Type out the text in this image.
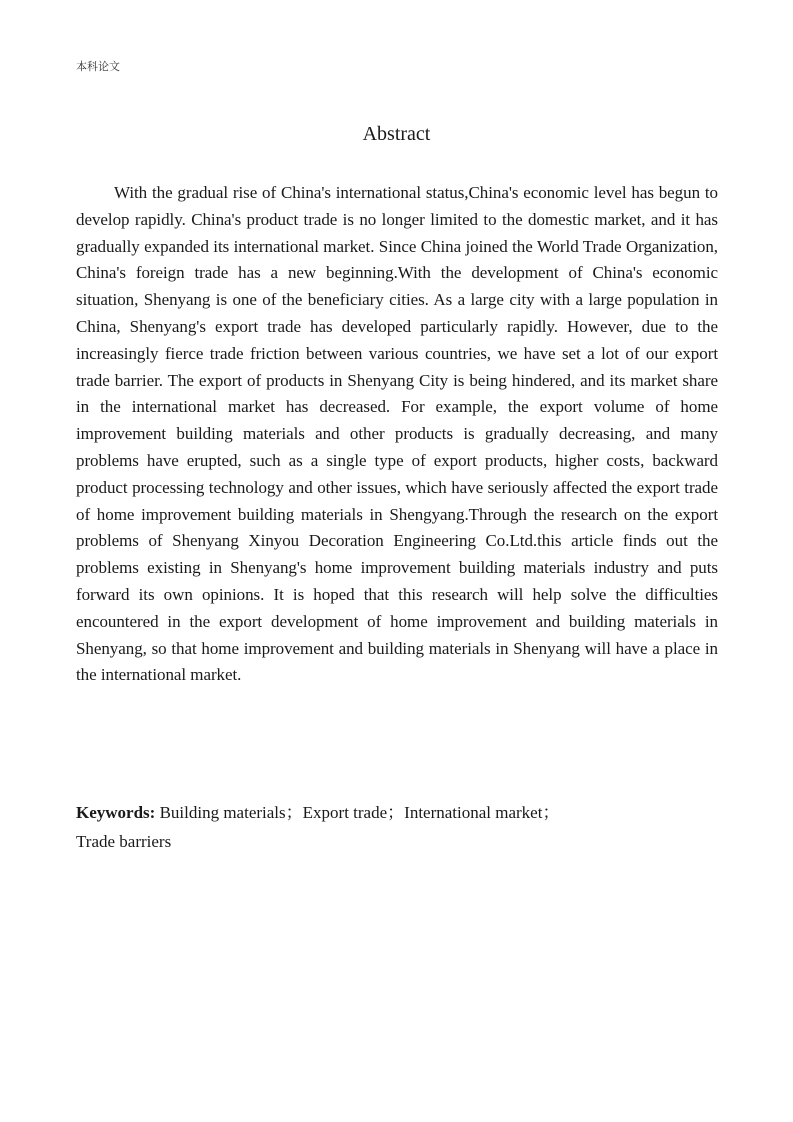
本科论文
Abstract

With the gradual rise of China's international status,China's economic level has begun to develop rapidly. China's product trade is no longer limited to the domestic market, and it has gradually expanded its international market. Since China joined the World Trade Organization, China's foreign trade has a new beginning.With the development of China's economic situation, Shenyang is one of the beneficiary cities. As a large city with a large population in China, Shenyang's export trade has developed particularly rapidly. However, due to the increasingly fierce trade friction between various countries, we have set a lot of our export trade barrier. The export of products in Shenyang City is being hindered, and its market share in the international market has decreased. For example, the export volume of home improvement building materials and other products is gradually decreasing, and many problems have erupted, such as a single type of export products, higher costs, backward product processing technology and other issues, which have seriously affected the export trade of home improvement building materials in Shengyang.Through the research on the export problems of Shenyang Xinyou Decoration Engineering Co.Ltd.this article finds out the problems existing in Shenyang's home improvement building materials industry and puts forward its own opinions. It is hoped that this research will help solve the difficulties encountered in the export development of home improvement and building materials in Shenyang, so that home improvement and building materials in Shenyang will have a place in the international market.

Keywords: Building materials；Export trade；International market；
Trade barriers
